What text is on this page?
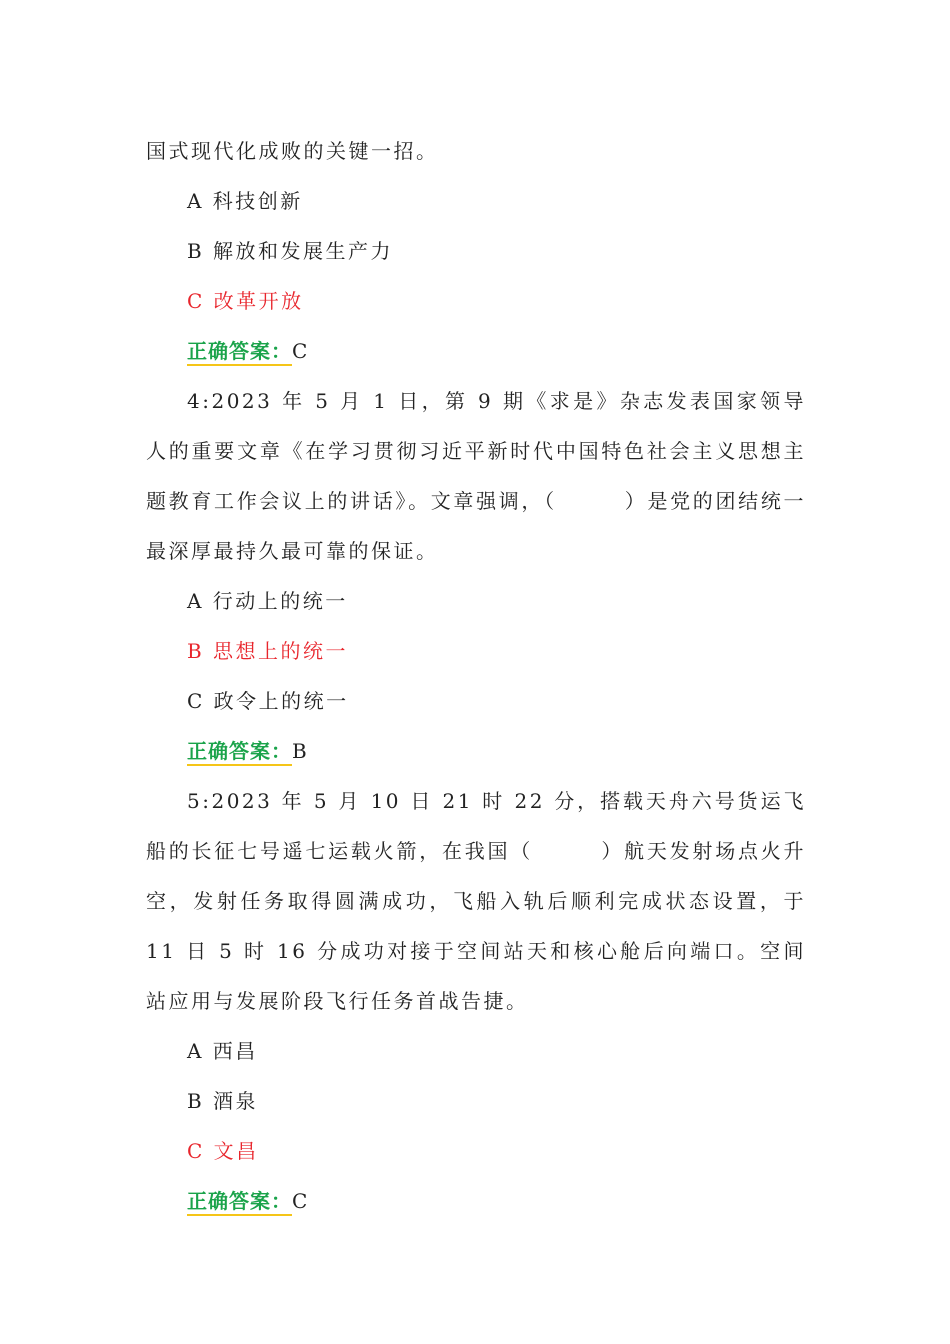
国式现代化成败的关键一招。
A 科技创新
B 解放和发展生产力
C 改革开放
正确答案：C

4:2023 年 5 月 1 日，第 9 期《求是》杂志发表国家领导人的重要文章《在学习贯彻习近平新时代中国特色社会主义思想主题教育工作会议上的讲话》。文章强调，（　　　）是党的团结统一最深厚最持久最可靠的保证。

A 行动上的统一
B 思想上的统一
C 政令上的统一
正确答案：B

5:2023 年 5 月 10 日 21 时 22 分，搭载天舟六号货运飞船的长征七号遥七运载火箭，在我国（　　　）航天发射场点火升空，发射任务取得圆满成功，飞船入轨后顺利完成状态设置，于 11 日 5 时 16 分成功对接于空间站天和核心舱后向端口。空间站应用与发展阶段飞行任务首战告捷。

A 西昌
B 酒泉
C 文昌
正确答案：C
